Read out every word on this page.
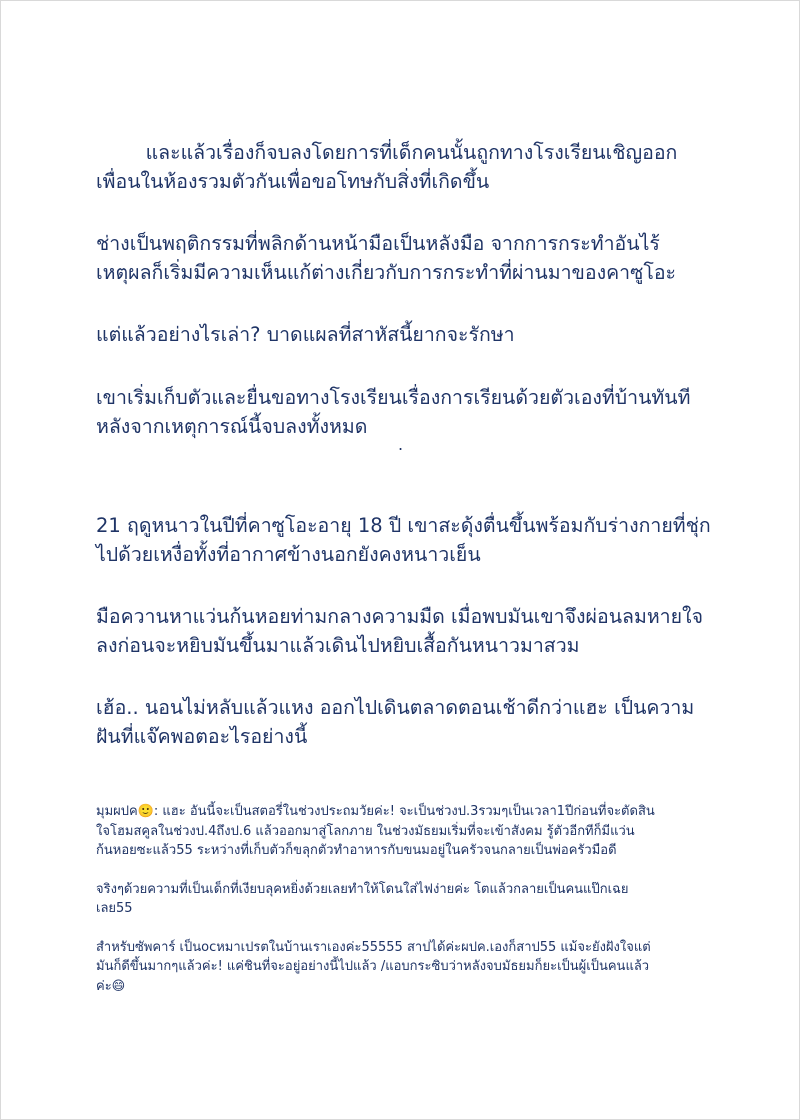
และแล้วเรื่องก็จบลงโดยการที่เด็กคนนั้นถูกทางโรงเรียนเชิญออก
เพื่อนในห้องรวมตัวกันเพื่อขอโทษกับสิ่งที่เกิดขึ้น

ช่างเป็นพฤติกรรมที่พลิกด้านหน้ามือเป็นหลังมือ จากการกระทำอันไร้
เหตุผลก็เริ่มมีความเห็นแก้ต่างเกี่ยวกับการกระทำที่ผ่านมาของคาซูโอะ

แต่แล้วอย่างไรเล่า? บาดแผลที่สาหัสนี้ยากจะรักษา

เขาเริ่มเก็บตัวและยื่นขอทางโรงเรียนเรื่องการเรียนด้วยตัวเองที่บ้านทันที
หลังจากเหตุการณ์นี้จบลงทั้งหมด

.

21 ฤดูหนาวในปีที่คาซูโอะอายุ 18 ปี เขาสะดุ้งตื่นขึ้นพร้อมกับร่างกายที่ชุ่ก
ไปด้วยเหงื่อทั้งที่อากาศข้างนอกยังคงหนาวเย็น

มือควานหาแว่นก้นหอยท่ามกลางความมืด เมื่อพบมันเขาจึงผ่อนลมหายใจ
ลงก่อนจะหยิบมันขึ้นมาแล้วเดินไปหยิบเสื้อกันหนาวมาสวม

เฮ้อ.. นอนไม่หลับแล้วแหง ออกไปเดินตลาดตอนเช้าดีกว่าแฮะ เป็นความ
ฝันที่แจ๊คพอตอะไรอย่างนี้

มุมผปค🙂: แฮะ อันนี้จะเป็นสตอรี่ในช่วงประถมวัยค่ะ! จะเป็นช่วงป.3รวมๆเป็นเวลา1ปีก่อนที่จะตัดสิน
ใจโฮมสคูลในช่วงป.4ถึงป.6 แล้วออกมาสู่โลกภาย ในช่วงมัธยมเริ่มที่จะเข้าสังคม รู้ตัวอีกทีก็มีแว่น
ก้นหอยซะแล้ว55 ระหว่างที่เก็บตัวก็ขลุกตัวทำอาหารกับขนมอยู่ในครัวจนกลายเป็นพ่อครัวมือดี

จริงๆด้วยความที่เป็นเด็กที่เงียบลุคหยิ่งด้วยเลยทำให้โดนใส่ไฟง่ายค่ะ โตแล้วกลายเป็นคนแป๊กเฉย
เลย55

สำหรับซัพคาร์ เป็นocหมาเปรตในบ้านเราเองค่ะ55555 สาปได้ค่ะผปค.เองก็สาป55 แม้จะยังฝังใจแต่
มันก็ดีขึ้นมากๆแล้วค่ะ! แค่ชินที่จะอยู่อย่างนี้ไปแล้ว /แอบกระซิบว่าหลังจบมัธยมก็ยะเป็นผู้เป็นคนแล้ว
ค่ะ😄
